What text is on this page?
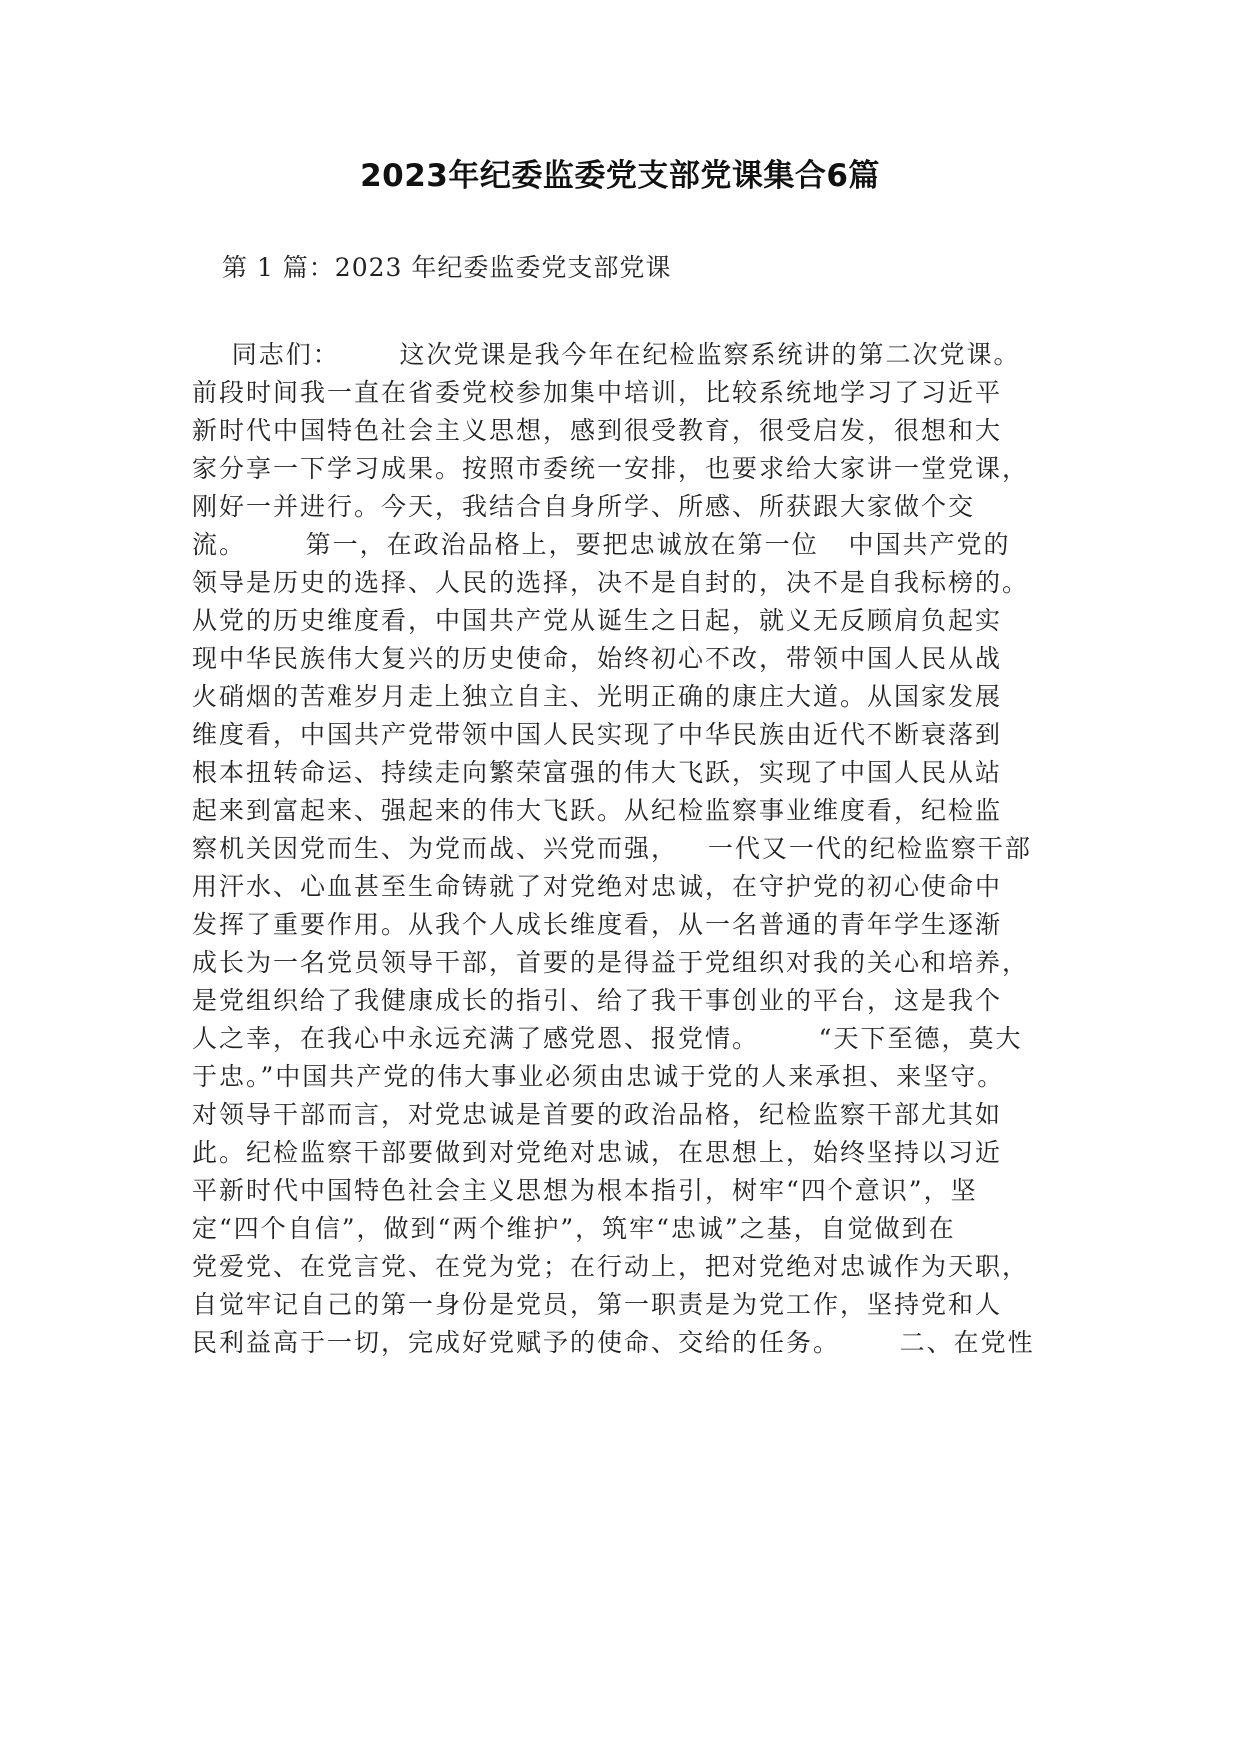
2023年纪委监委党支部党课集合6篇

第 1 篇：2023 年纪委监委党支部党课

同志们：      这次党课是我今年在纪检监察系统讲的第二次党课。
前段时间我一直在省委党校参加集中培训，比较系统地学习了习近平
新时代中国特色社会主义思想，感到很受教育，很受启发，很想和大
家分享一下学习成果。按照市委统一安排，也要求给大家讲一堂党课，
刚好一并进行。今天，我结合自身所学、所感、所获跟大家做个交
流。      第一，在政治品格上，要把忠诚放在第一位   中国共产党的
领导是历史的选择、人民的选择，决不是自封的，决不是自我标榜的。
从党的历史维度看，中国共产党从诞生之日起，就义无反顾肩负起实
现中华民族伟大复兴的历史使命，始终初心不改，带领中国人民从战
火硝烟的苦难岁月走上独立自主、光明正确的康庄大道。从国家发展
维度看，中国共产党带领中国人民实现了中华民族由近代不断衰落到
根本扭转命运、持续走向繁荣富强的伟大飞跃，实现了中国人民从站
起来到富起来、强起来的伟大飞跃。从纪检监察事业维度看，纪检监
察机关因党而生、为党而战、兴党而强，   一代又一代的纪检监察干部
用汗水、心血甚至生命铸就了对党绝对忠诚，在守护党的初心使命中
发挥了重要作用。从我个人成长维度看，从一名普通的青年学生逐渐
成长为一名党员领导干部，首要的是得益于党组织对我的关心和培养，
是党组织给了我健康成长的指引、给了我干事创业的平台，这是我个
人之幸，在我心中永远充满了感党恩、报党情。      “天下至德，莫大
于忠。”中国共产党的伟大事业必须由忠诚于党的人来承担、来坚守。
对领导干部而言，对党忠诚是首要的政治品格，纪检监察干部尤其如
此。纪检监察干部要做到对党绝对忠诚，在思想上，始终坚持以习近
平新时代中国特色社会主义思想为根本指引，树牢“四个意识”，坚
定“四个自信”，做到“两个维护”，筑牢“忠诚”之基，自觉做到在
党爱党、在党言党、在党为党；在行动上，把对党绝对忠诚作为天职，
自觉牢记自己的第一身份是党员，第一职责是为党工作，坚持党和人
民利益高于一切，完成好党赋予的使命、交给的任务。      二、在党性
